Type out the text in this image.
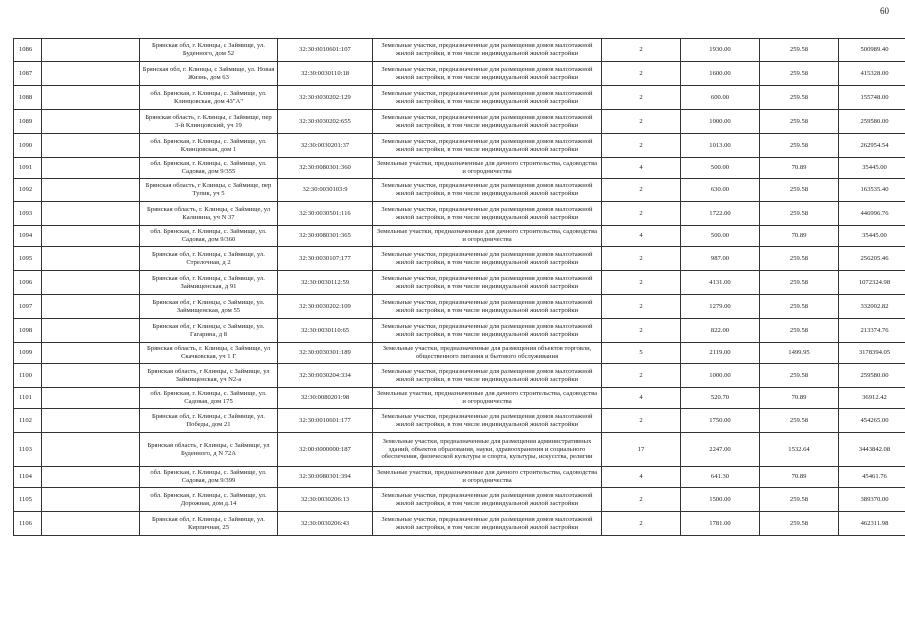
60
1086		Брянская обл, г. Клинцы, с Займище, ул. Буденного, дом 52	32:30:0010601:107	Земельные участки, предназначенные для размещения домов малоэтажной жилой застройки, в том числе индивидуальной жилой застройки	2	1930.00	259.58	500989.40
1087		Брянская обл, г. Клинцы, с Займище, ул. Новая Жизнь, дом 63	32:30:0030110:18	Земельные участки, предназначенные для размещения домов малоэтажной жилой застройки, в том числе индивидуальной жилой застройки	2	1600.00	259.58	415328.00
1088		обл. Брянская, г. Клинцы, с. Займище, ул. Клинцовская, дом 43"А"	32:30:0030202:129	Земельные участки, предназначенные для размещения домов малоэтажной жилой застройки, в том числе индивидуальной жилой застройки	2	600.00	259.58	155748.00
1089		Брянская область, г. Клинцы, с Займище, пер 3-й Клинцовский, уч 19	32:30:0030202:655	Земельные участки, предназначенные для размещения домов малоэтажной жилой застройки, в том числе индивидуальной жилой застройки	2	1000.00	259.58	259580.00
1090		обл. Брянская, г. Клинцы, с. Займище, ул. Клинцовская, дом 1	32:30:0030201:37	Земельные участки, предназначенные для размещения домов малоэтажной жилой застройки, в том числе индивидуальной жилой застройки	2	1013.00	259.58	262954.54
1091		обл. Брянская, г. Клинцы, с. Займище, ул. Садовая, дом 9/355	32:30:0080301:360	Земельные участки, предназначенные для дачного строительства, садоводства и огородничества	4	500.00	70.89	35445.00
1092		Брянская область, г Клинцы, с Займище, пер Тупик, уч 5	32:30:0030103:9	Земельные участки, предназначенные для размещения домов малоэтажной жилой застройки, в том числе индивидуальной жилой застройки	2	630.00	259.58	163535.40
1093		Брянская область, г. Клинцы, с Займище, ул Калинина, уч N 37	32:30:0030501:116	Земельные участки, предназначенные для размещения домов малоэтажной жилой застройки, в том числе индивидуальной жилой застройки	2	1722.00	259.58	446996.76
1094		обл. Брянская, г. Клинцы, с. Займище, ул. Садовая, дом 9/360	32:30:0080301:365	Земельные участки, предназначенные для дачного строительства, садоводства и огородничества	4	500.00	70.89	35445.00
1095		Брянская обл, г. Клинцы, с Займище, ул. Стрелочная, д 2	32:30:0030107:177	Земельные участки, предназначенные для размещения домов малоэтажной жилой застройки, в том числе индивидуальной жилой застройки	2	987.00	259.58	256205.46
1096		Брянская обл, г. Клинцы, с Займище, ул. Займищенская, д 91	32:30:0030112:59	Земельные участки, предназначенные для размещения домов малоэтажной жилой застройки, в том числе индивидуальной жилой застройки	2	4131.00	259.58	1072324.98
1097		Брянская обл, г Клинцы, с Займище, ул. Займищенская, дом 55	32:30:0030202:109	Земельные участки, предназначенные для размещения домов малоэтажной жилой застройки, в том числе индивидуальной жилой застройки	2	1279.00	259.58	332002.82
1098		Брянская обл, г Клинцы, с Займище, ул. Гагарина, д 8	32:30:0030110:65	Земельные участки, предназначенные для размещения домов малоэтажной жилой застройки, в том числе индивидуальной жилой застройки	2	822.00	259.58	213374.76
1099		Брянская область, г. Клинцы, с Займище, ул Скачковская, уч 1 Г	32:30:0030301:189	Земельные участки, предназначенные для размещения объектов торговли, общественного питания и бытового обслуживания	5	2119.00	1499.95	3178394.05
1100		Брянская область, г Клинцы, с Займище, ул Займищенская, уч N2-а	32:30:0030204:334	Земельные участки, предназначенные для размещения домов малоэтажной жилой застройки, в том числе индивидуальной жилой застройки	2	1000.00	259.58	259580.00
1101		обл. Брянская, г. Клинцы, с. Займище, ул. Садовая, дом 175	32:30:0080201:98	Земельные участки, предназначенные для дачного строительства, садоводства и огородничества	4	520.70	70.89	36912.42
1102		Брянская обл, г. Клинцы, с Займище, ул. Победы, дом 21	32:30:0010601:177	Земельные участки, предназначенные для размещения домов малоэтажной жилой застройки, в том числе индивидуальной жилой застройки	2	1750.00	259.58	454265.00
1103		Брянская область, г Клинцы, с Займище, ул Буденного, д N 72А	32:00:0000000:187	Земельные участки, предназначенные для размещения административных зданий, объектов образования, науки, здравоохранения и социального обеспечения, физической культуры и спорта, культуры, искусства, религии	17	2247.00	1532.64	3443842.08
1104		обл. Брянская, г. Клинцы, с. Займище, ул. Садовая, дом 9/399	32:30:0080301:394	Земельные участки, предназначенные для дачного строительства, садоводства и огородничества	4	641.30	70.89	45461.76
1105		обл. Брянская, г. Клинцы, с. Займище, ул. Дорожная, дом д.14	32:30:0030206:13	Земельные участки, предназначенные для размещения домов малоэтажной жилой застройки, в том числе индивидуальной жилой застройки	2	1500.00	259.58	389370.00
1106		Брянская обл, г. Клинцы, с Займище, ул. Кирпичная, 25	32:30:0030206:43	Земельные участки, предназначенные для размещения домов малоэтажной жилой застройки, в том числе индивидуальной жилой застройки	2	1781.00	259.58	462311.98
